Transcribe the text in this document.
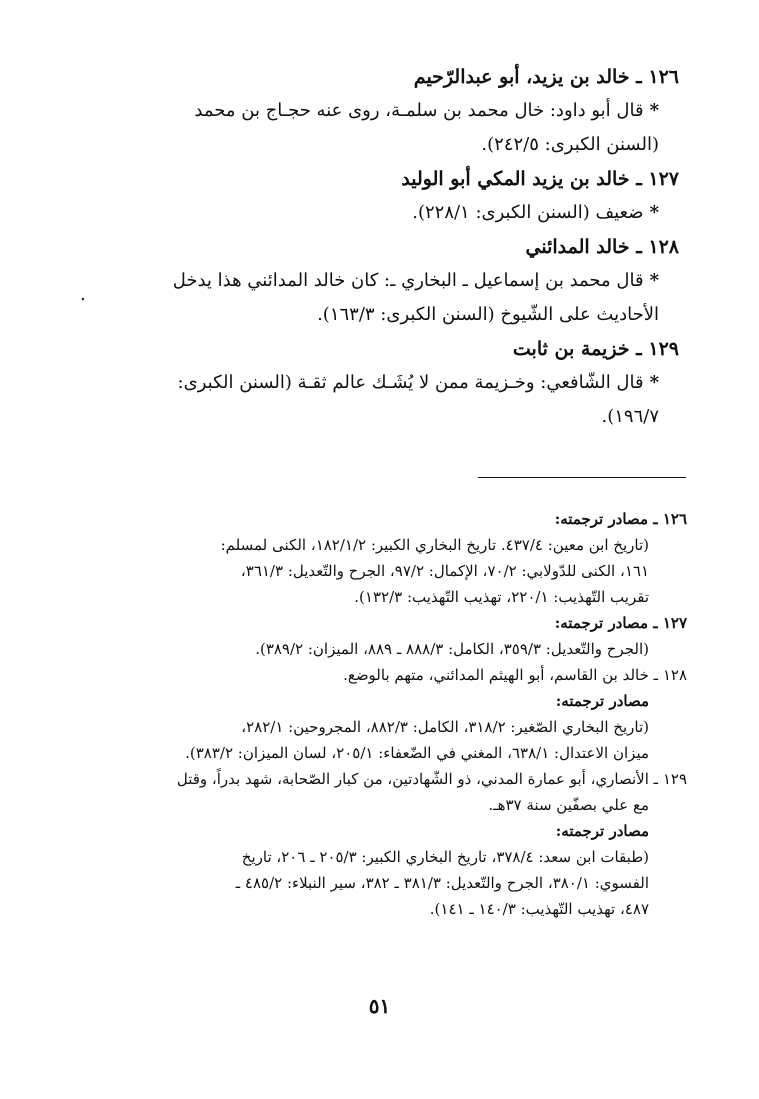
١٢٦ ـ خالد بن يزيد، أبو عبدالرّحيم

*قال أبو داود: خال محمد بن سلمـة، روى عنه حجـاج بن محمد

(السنن الكبرى: ٢٤٢/٥).

١٢٧ ـ خالد بن يزيد المكي أبو الوليد

*ضعيف (السنن الكبرى: ٢٢٨/١).

١٢٨ ـ خالد المدائني

*قال محمد بن إسماعيل ـ البخاري ـ: كان خالد المدائني هذا يدخل

الأحاديث على الشّيوخ (السنن الكبرى: ١٦٣/٣).

١٢٩ ـ خزيمة بن ثابت

*قال الشّافعي: وخـزيمة ممن لا يُشَـك عالم ثقـة (السنن الكبرى:

١٩٦/٧).

.

١٢٦ ـ مصادر ترجمته:

(تاريخ ابن معين: ٤٣٧/٤. تاريخ البخاري الكبير: ١٨٢/١/٢، الكنى لمسلم:

١٦١، الكنى للدّولابي: ٧٠/٢، الإكمال: ٩٧/٢، الجرح والتّعديل: ٣٦١/٣،

تقريب التّهذيب: ٢٢٠/١، تهذيب التّهذيب: ١٣٢/٣).

١٢٧ ـ مصادر ترجمته:

(الجرح والتّعديل: ٣٥٩/٣، الكامل: ٨٨٨/٣ ـ ٨٨٩، الميزان: ٣٨٩/٢).

١٢٨ ـ خالد بن القاسم، أبو الهيثم المدائني، متهم بالوضع.

مصادر ترجمته:

(تاريخ البخاري الصّغير: ٣١٨/٢، الكامل: ٨٨٢/٣، المجروحين: ٢٨٢/١،

ميزان الاعتدال: ٦٣٨/١، المغني في الضّعفاء: ٢٠٥/١، لسان الميزان: ٣٨٣/٢).

١٢٩ ـ الأنصاري، أبو عمارة المدني، ذو الشّهادتين، من كبار الصّحابة، شهد بدراً، وقتل

مع علي بصفّين سنة ٣٧هـ.

مصادر ترجمته:

(طبقات ابن سعد: ٣٧٨/٤، تاريخ البخاري الكبير: ٢٠٥/٣ ـ ٢٠٦، تاريخ

الفسوي: ٣٨٠/١، الجرح والتّعديل: ٣٨١/٣ ـ ٣٨٢، سير النبلاء: ٤٨٥/٢ ـ

٤٨٧، تهذيب التّهذيب: ١٤٠/٣ ـ ١٤١).

٥١
